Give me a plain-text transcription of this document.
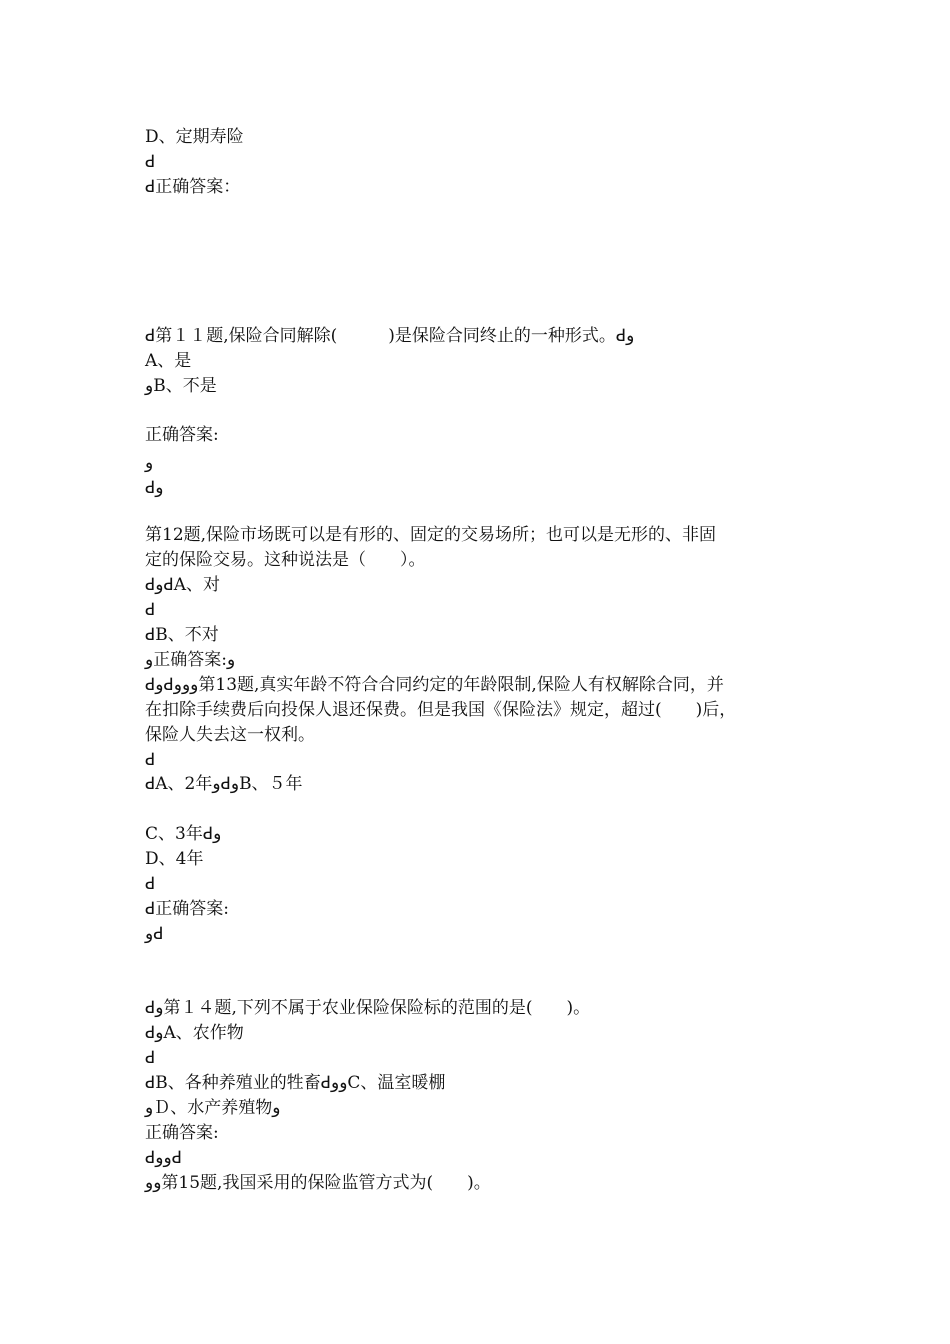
D、定期寿险
ꓒ
ꓒ正确答案：
ꓒ第１１题,保险合同解除(　　　)是保险合同终止的一种形式。ꓒو
A、是
وB、不是
正确答案:
و
ꓒو
第12题,保险市场既可以是有形的、固定的交易场所；也可以是无形的、非固
定的保险交易。这种说法是（　　）。
ꓒوꓒA、对
ꓒ
ꓒB、不对
و正确答案:و
ꓒوꓒووو第13题,真实年龄不符合合同约定的年龄限制,保险人有权解除合同，并
在扣除手续费后向投保人退还保费。但是我国《保险法》规定，超过(　　)后，
保险人失去这一权利。
ꓒ
ꓒA、2年وꓒوB、５年
C、3年ꓒو
D、4年
ꓒ
ꓒ正确答案:
وꓒ
ꓒو第１４题,下列不属于农业保险保险标的范围的是(　　)。
ꓒوA、农作物
ꓒ
ꓒB、各种养殖业的牲畜ꓒووC、温室暖棚
وＤ、水产养殖物و
正确答案:
ꓒووꓒ
وو第15题,我国采用的保险监管方式为(　　)。
